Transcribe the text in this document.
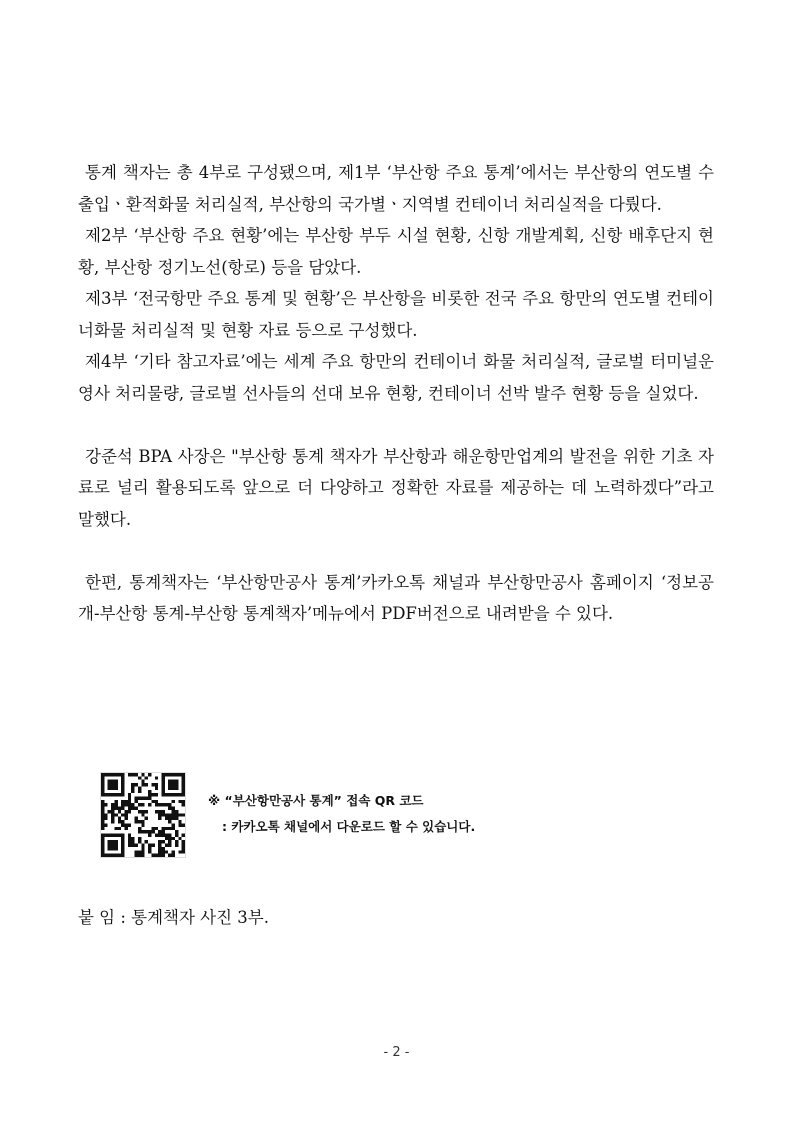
통계 책자는 총 4부로 구성됐으며, 제1부 ‘부산항 주요 통계’에서는 부산항의 연도별 수출입ㆍ환적화물 처리실적, 부산항의 국가별ㆍ지역별 컨테이너 처리실적을 다뤘다.

제2부 ‘부산항 주요 현황’에는 부산항 부두 시설 현황, 신항 개발계획, 신항 배후단지 현황, 부산항 정기노선(항로) 등을 담았다.

제3부 ‘전국항만 주요 통계 및 현황’은 부산항을 비롯한 전국 주요 항만의 연도별 컨테이너화물 처리실적 및 현황 자료 등으로 구성했다.

제4부 ‘기타 참고자료’에는 세계 주요 항만의 컨테이너 화물 처리실적, 글로벌 터미널운영사 처리물량, 글로벌 선사들의 선대 보유 현황, 컨테이너 선박 발주 현황 등을 실었다.

강준석 BPA 사장은 "부산항 통계 책자가 부산항과 해운항만업계의 발전을 위한 기초 자료로 널리 활용되도록 앞으로 더 다양하고 정확한 자료를 제공하는 데 노력하겠다”라고 말했다.

한편, 통계책자는 ‘부산항만공사 통계’카카오톡 채널과 부산항만공사 홈페이지 ‘정보공개-부산항 통계-부산항 통계책자’메뉴에서 PDF버전으로 내려받을 수 있다.

※ “부산항만공사 통계” 접속 QR 코드
: 카카오톡 채널에서 다운로드 할 수 있습니다.
붙 임 : 통계책자 사진 3부.
- 2 -
